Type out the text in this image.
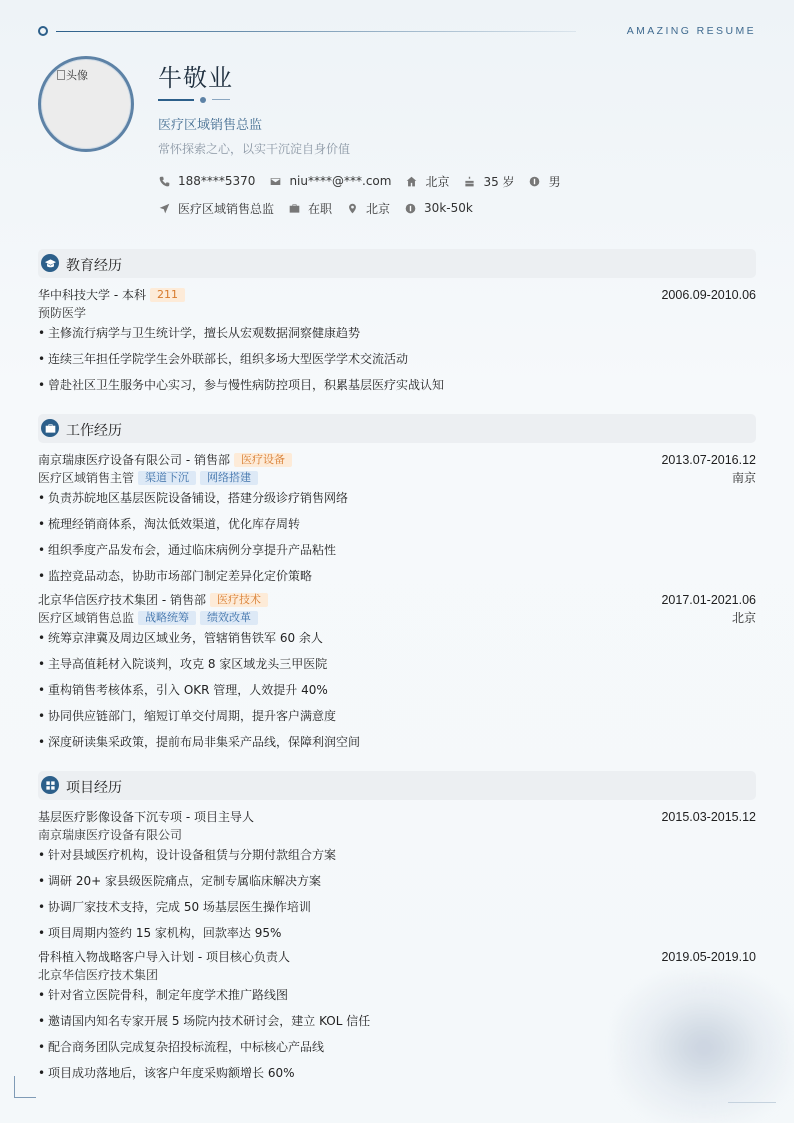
AMAZING RESUME
头像	牛敬业
医疗区域销售总监
常怀探索之心，以实干沉淀自身价值
188****5370	niu****@***.com	北京	35 岁	男
医疗区域销售总监	在职	北京	30k-50k
教育经历
华中科技大学 - 本科 211	2006.09-2010.06
预防医学
• 主修流行病学与卫生统计学，擅长从宏观数据洞察健康趋势
• 连续三年担任学院学生会外联部长，组织多场大型医学学术交流活动
• 曾赴社区卫生服务中心实习，参与慢性病防控项目，积累基层医疗实战认知
工作经历
南京瑞康医疗设备有限公司 - 销售部 医疗设备	2013.07-2016.12
医疗区域销售主管 渠道下沉 网络搭建	南京
• 负责苏皖地区基层医院设备铺设，搭建分级诊疗销售网络
• 梳理经销商体系，淘汰低效渠道，优化库存周转
• 组织季度产品发布会，通过临床病例分享提升产品粘性
• 监控竞品动态，协助市场部门制定差异化定价策略
北京华信医疗技术集团 - 销售部 医疗技术	2017.01-2021.06
医疗区域销售总监 战略统筹 绩效改革	北京
• 统筹京津冀及周边区域业务，管辖销售铁军 60 余人
• 主导高值耗材入院谈判，攻克 8 家区域龙头三甲医院
• 重构销售考核体系，引入 OKR 管理，人效提升 40%
• 协同供应链部门，缩短订单交付周期，提升客户满意度
• 深度研读集采政策，提前布局非集采产品线，保障利润空间
项目经历
基层医疗影像设备下沉专项 - 项目主导人	2015.03-2015.12
南京瑞康医疗设备有限公司
• 针对县域医疗机构，设计设备租赁与分期付款组合方案
• 调研 20+ 家县级医院痛点，定制专属临床解决方案
• 协调厂家技术支持，完成 50 场基层医生操作培训
• 项目周期内签约 15 家机构，回款率达 95%
骨科植入物战略客户导入计划 - 项目核心负责人	2019.05-2019.10
北京华信医疗技术集团
• 针对省立医院骨科，制定年度学术推广路线图
• 邀请国内知名专家开展 5 场院内技术研讨会，建立 KOL 信任
• 配合商务团队完成复杂招投标流程，中标核心产品线
• 项目成功落地后，该客户年度采购额增长 60%
